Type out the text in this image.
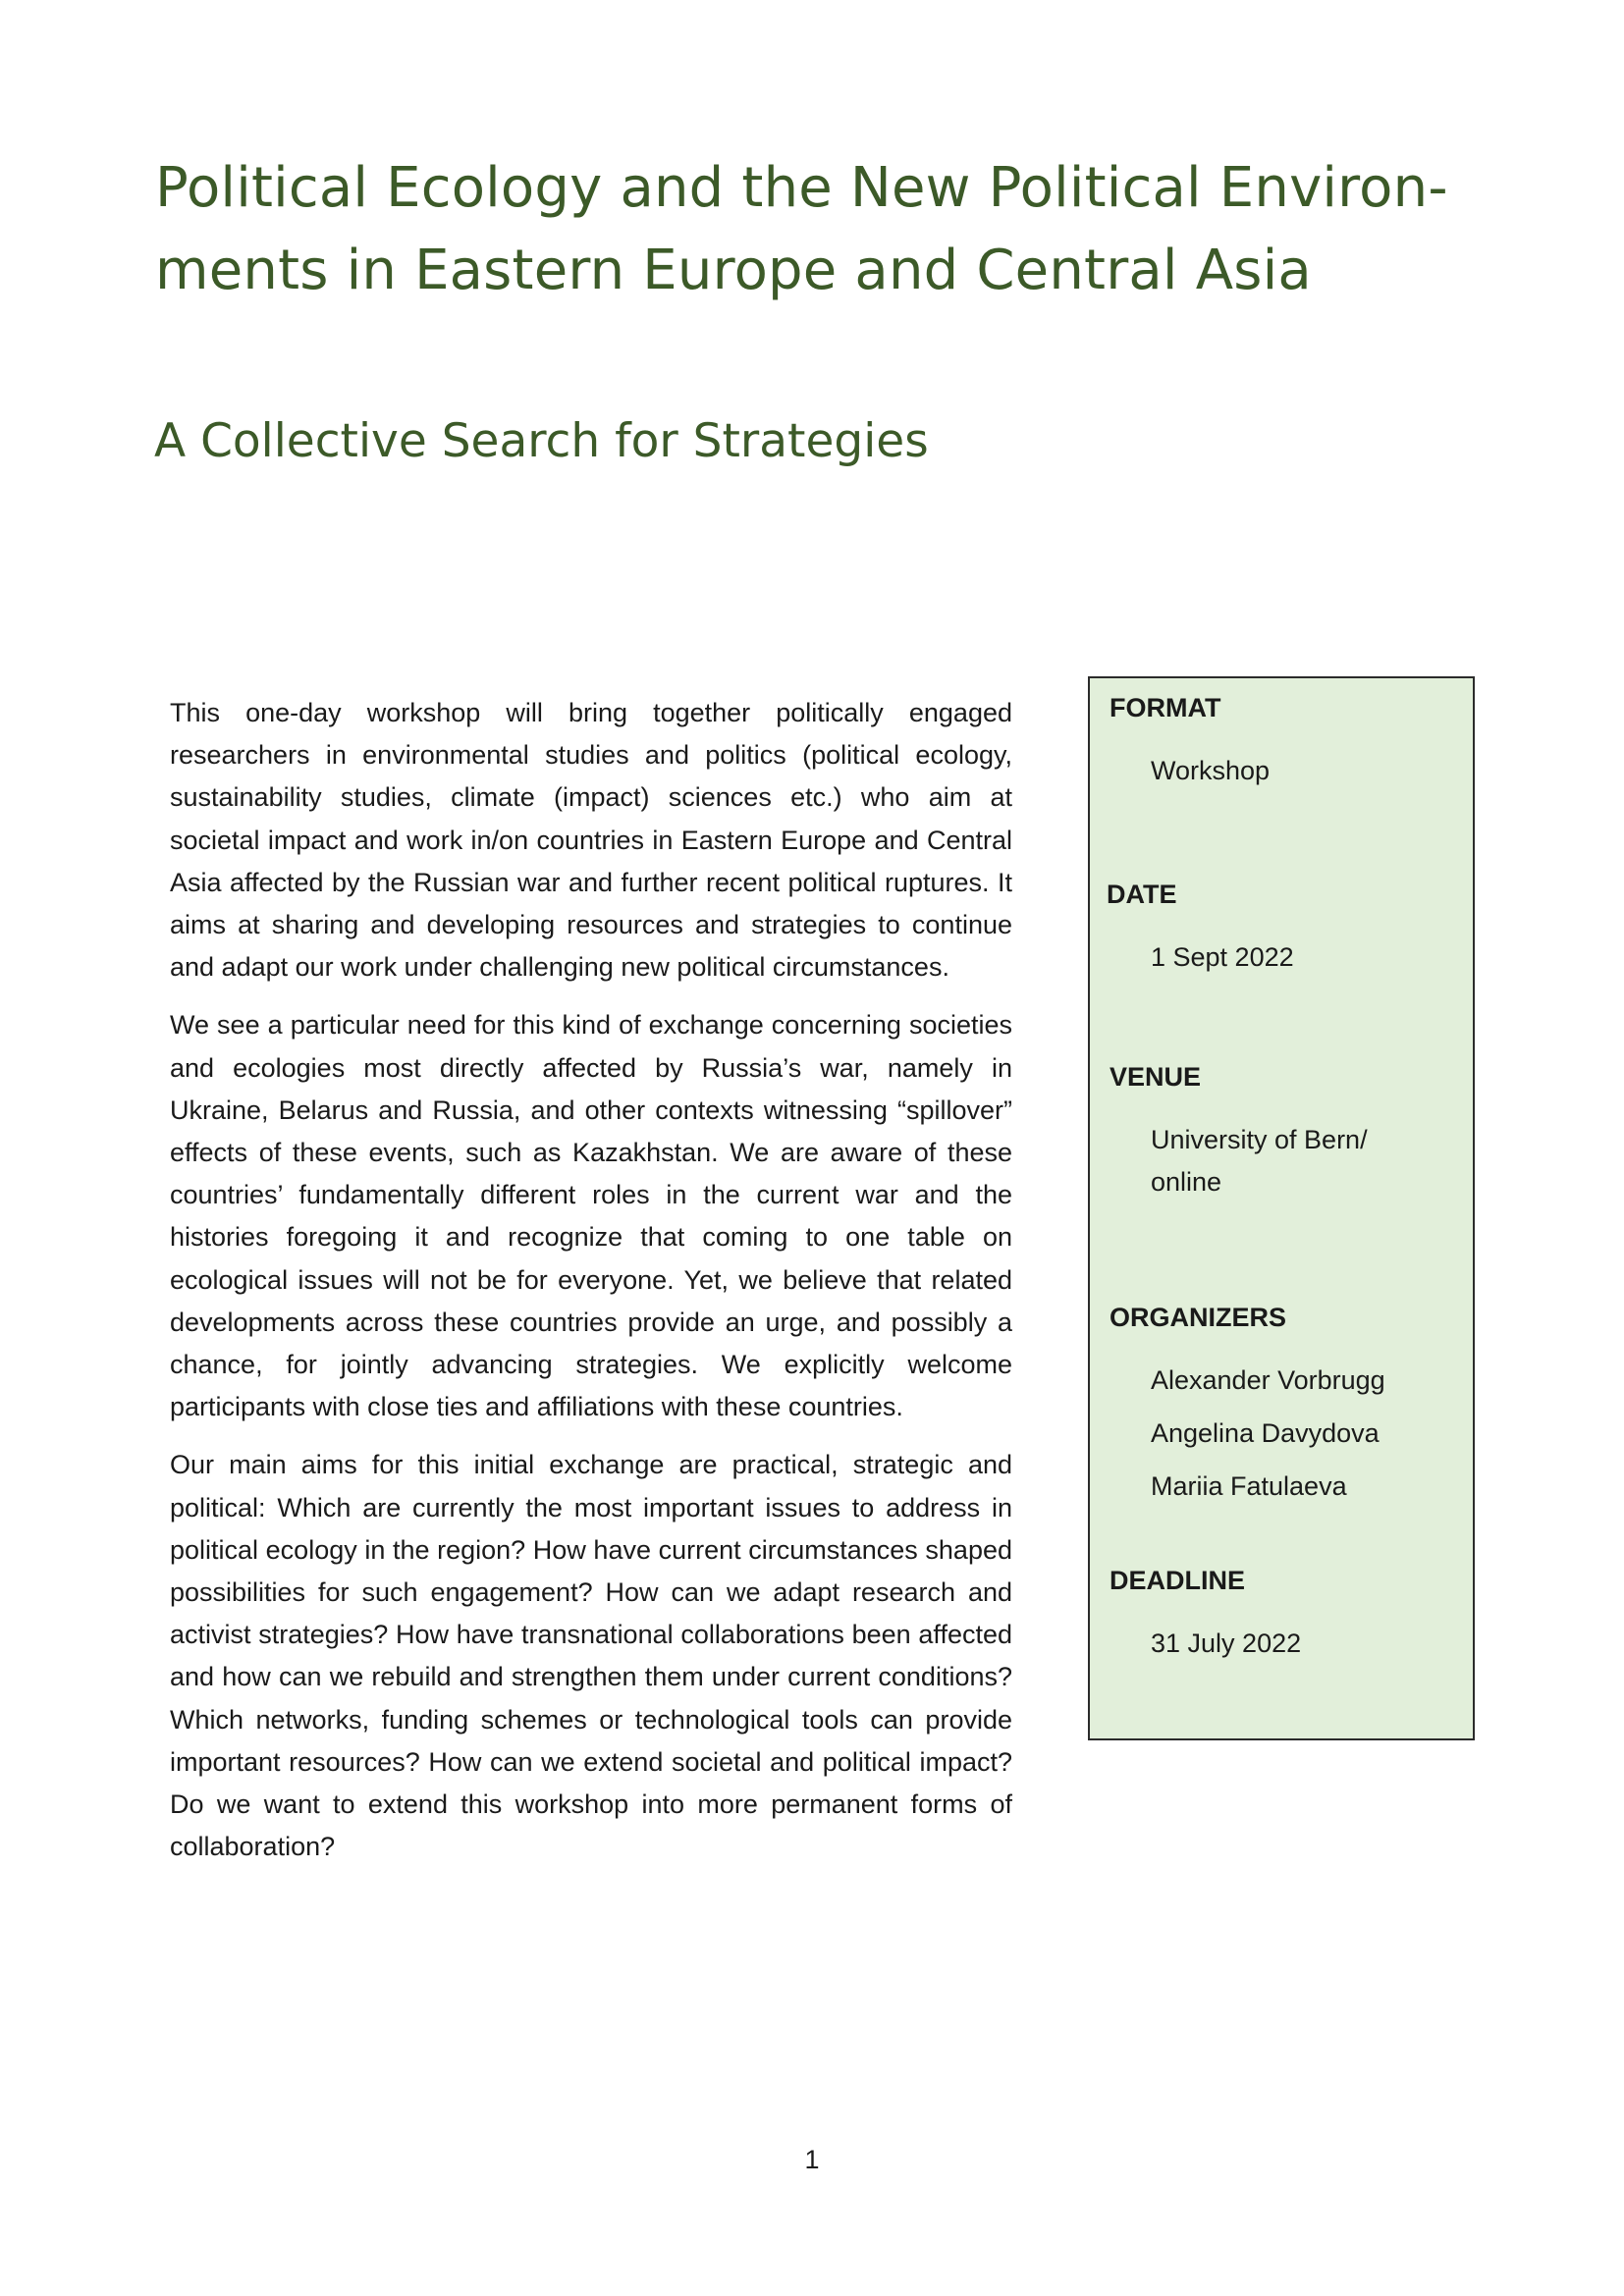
Political Ecology and the New Political Environ-
ments in Eastern Europe and Central Asia
A Collective Search for Strategies

This one-day workshop will bring together politically engaged researchers in environmental studies and politics (political ecology, sustainability studies, climate (impact) sciences etc.) who aim at societal impact and work in/on countries in Eastern Europe and Central Asia affected by the Russian war and further recent political ruptures. It aims at sharing and developing resources and strategies to continue and adapt our work under challenging new political circumstances.

We see a particular need for this kind of exchange concerning societies and ecologies most directly affected by Russia’s war, namely in Ukraine, Belarus and Russia, and other contexts witnessing “spillover” effects of these events, such as Kazakhstan. We are aware of these countries’ fundamentally different roles in the current war and the histories foregoing it and recognize that coming to one table on ecological issues will not be for everyone. Yet, we believe that related developments across these countries provide an urge, and possibly a chance, for jointly advancing strategies. We explicitly welcome participants with close ties and affiliations with these countries.

Our main aims for this initial exchange are practical, strategic and political: Which are currently the most important issues to address in political ecology in the region? How have current circumstances shaped possibilities for such engagement? How can we adapt research and activist strategies? How have transnational collaborations been affected and how can we rebuild and strengthen them under current conditions? Which networks, funding schemes or technological tools can provide important resources? How can we extend societal and political impact? Do we want to extend this workshop into more permanent forms of collaboration?

FORMAT
Workshop
DATE
1 Sept 2022
VENUE
University of Bern/
online
ORGANIZERS
Alexander Vorbrugg
Angelina Davydova
Mariia Fatulaeva
DEADLINE
31 July 2022
1
